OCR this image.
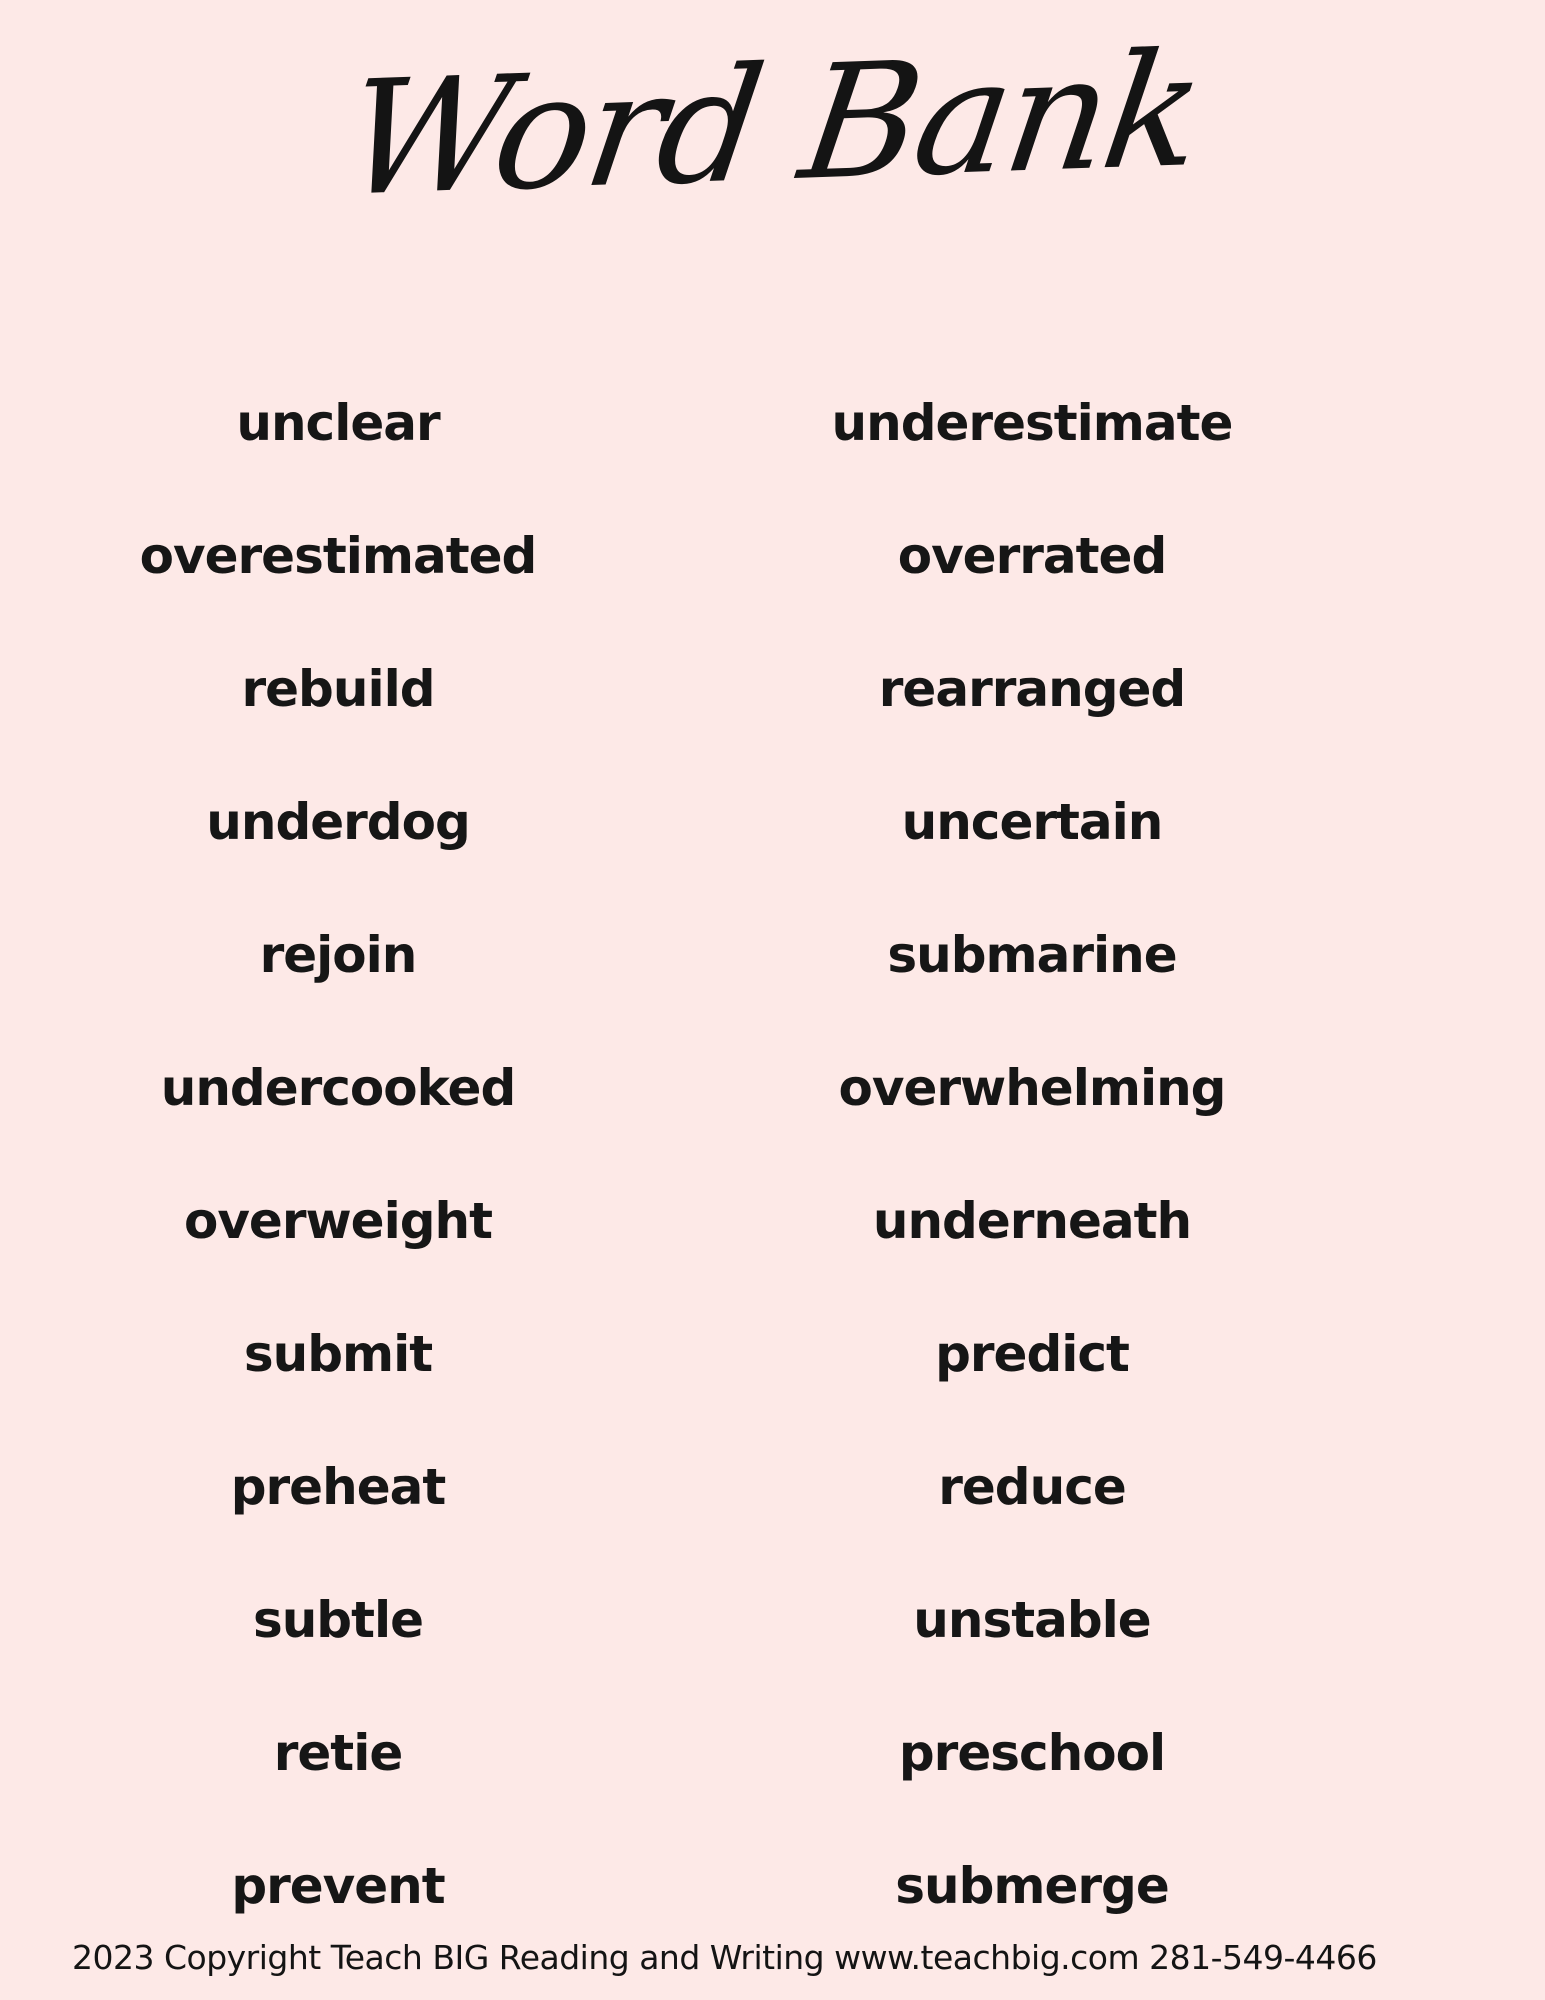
Word Bank
unclear
overestimated
rebuild
underdog
rejoin
undercooked
overweight
submit
preheat
subtle
retie
prevent
underestimate
overrated
rearranged
uncertain
submarine
overwhelming
underneath
predict
reduce
unstable
preschool
submerge
2023 Copyright Teach BIG Reading and Writing www.teachbig.com 281-549-4466
